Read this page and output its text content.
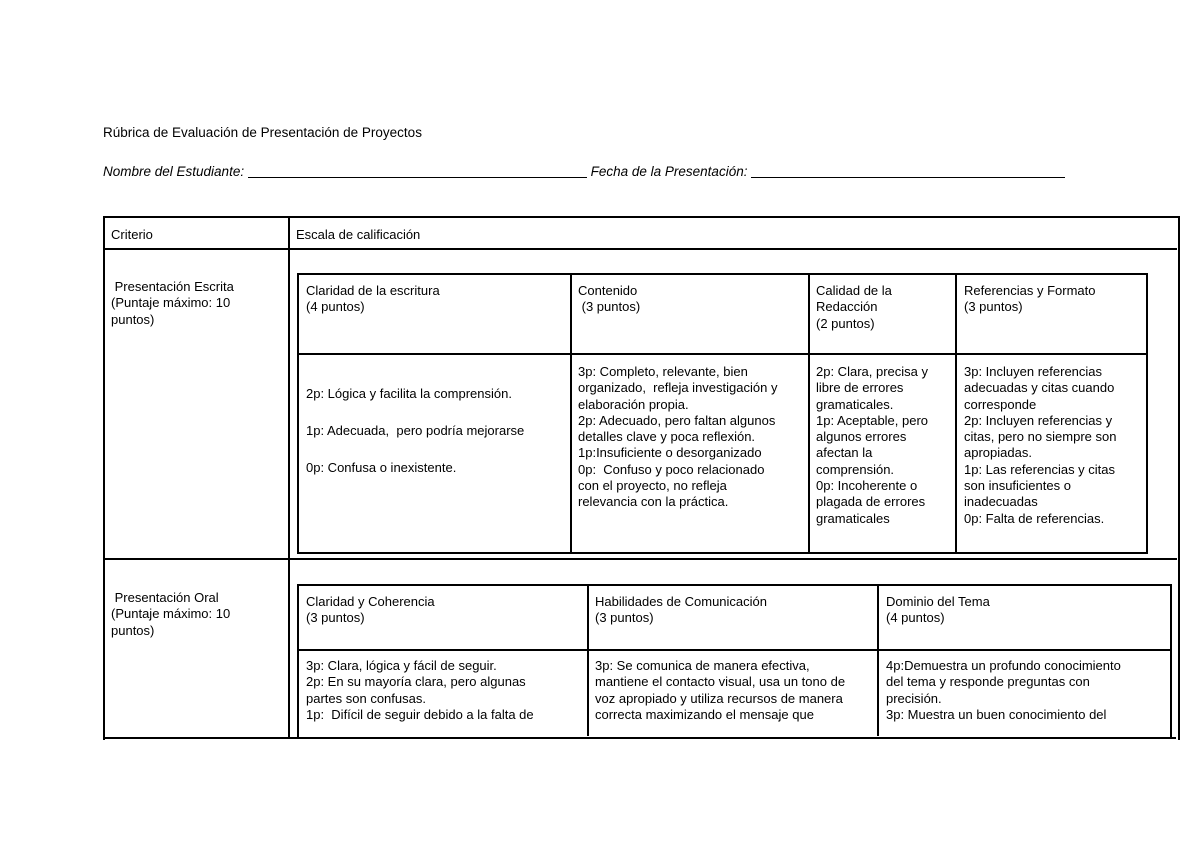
Rúbrica de Evaluación de Presentación de Proyectos
Nombre del Estudiante:	Fecha de la Presentación:
Criterio	Escala de calificación
Presentación Escrita
(Puntaje máximo: 10
puntos)
Claridad de la escritura
(4 puntos)
Contenido
(3 puntos)
Calidad de la
Redacción
(2 puntos)
Referencias y Formato
(3 puntos)
2p: Lógica y facilita la comprensión.

1p: Adecuada,  pero podría mejorarse

0p: Confusa o inexistente.
3p: Completo, relevante, bien
organizado,  refleja investigación y
elaboración propia.
2p: Adecuado, pero faltan algunos
detalles clave y poca reflexión.
1p:Insuficiente o desorganizado
0p:  Confuso y poco relacionado
con el proyecto, no refleja
relevancia con la práctica.
2p: Clara, precisa y
libre de errores
gramaticales.
1p: Aceptable, pero
algunos errores
afectan la
comprensión.
0p: Incoherente o
plagada de errores
gramaticales
3p: Incluyen referencias
adecuadas y citas cuando
corresponde
2p: Incluyen referencias y
citas, pero no siempre son
apropiadas.
1p: Las referencias y citas
son insuficientes o
inadecuadas
0p: Falta de referencias.
Presentación Oral
(Puntaje máximo: 10
puntos)
Claridad y Coherencia
(3 puntos)
Habilidades de Comunicación
(3 puntos)
Dominio del Tema
(4 puntos)
3p: Clara, lógica y fácil de seguir.
2p: En su mayoría clara, pero algunas
partes son confusas.
1p:  Difícil de seguir debido a la falta de
3p: Se comunica de manera efectiva,
mantiene el contacto visual, usa un tono de
voz apropiado y utiliza recursos de manera
correcta maximizando el mensaje que
4p:Demuestra un profundo conocimiento
del tema y responde preguntas con
precisión.
3p: Muestra un buen conocimiento del
